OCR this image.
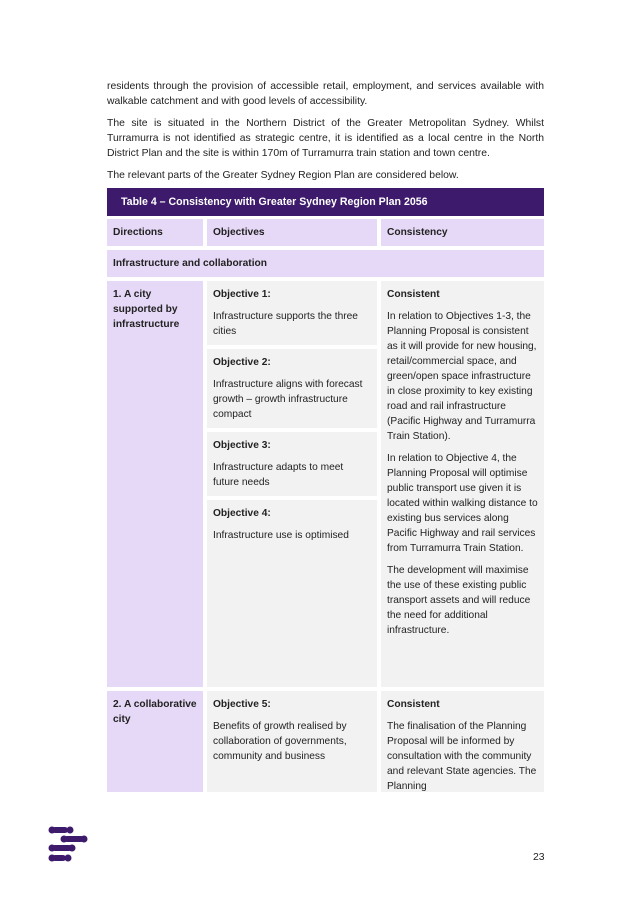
residents through the provision of accessible retail, employment, and services available with walkable catchment and with good levels of accessibility.

The site is situated in the Northern District of the Greater Metropolitan Sydney. Whilst Turramurra is not identified as strategic centre, it is identified as a local centre in the North District Plan and the site is within 170m of Turramurra train station and town centre.

The relevant parts of the Greater Sydney Region Plan are considered below.

Table 4 – Consistency with Greater Sydney Region Plan 2056
Directions	Objectives	Consistency
Infrastructure and collaboration
1. A city supported by infrastructure
Objective 1:
Infrastructure supports the three cities
Objective 2:
Infrastructure aligns with forecast growth – growth infrastructure compact
Objective 3:
Infrastructure adapts to meet future needs
Objective 4:
Infrastructure use is optimised
Consistent

In relation to Objectives 1-3, the Planning Proposal is consistent as it will provide for new housing, retail/commercial space, and green/open space infrastructure in close proximity to key existing road and rail infrastructure (Pacific Highway and Turramurra Train Station).

In relation to Objective 4, the Planning Proposal will optimise public transport use given it is located within walking distance to existing bus services along Pacific Highway and rail services from Turramurra Train Station.

The development will maximise the use of these existing public transport assets and will reduce the need for additional infrastructure.

2. A collaborative city
Objective 5:
Benefits of growth realised by collaboration of governments, community and business
Consistent

The finalisation of the Planning Proposal will be informed by consultation with the community and relevant State agencies. The Planning

23
